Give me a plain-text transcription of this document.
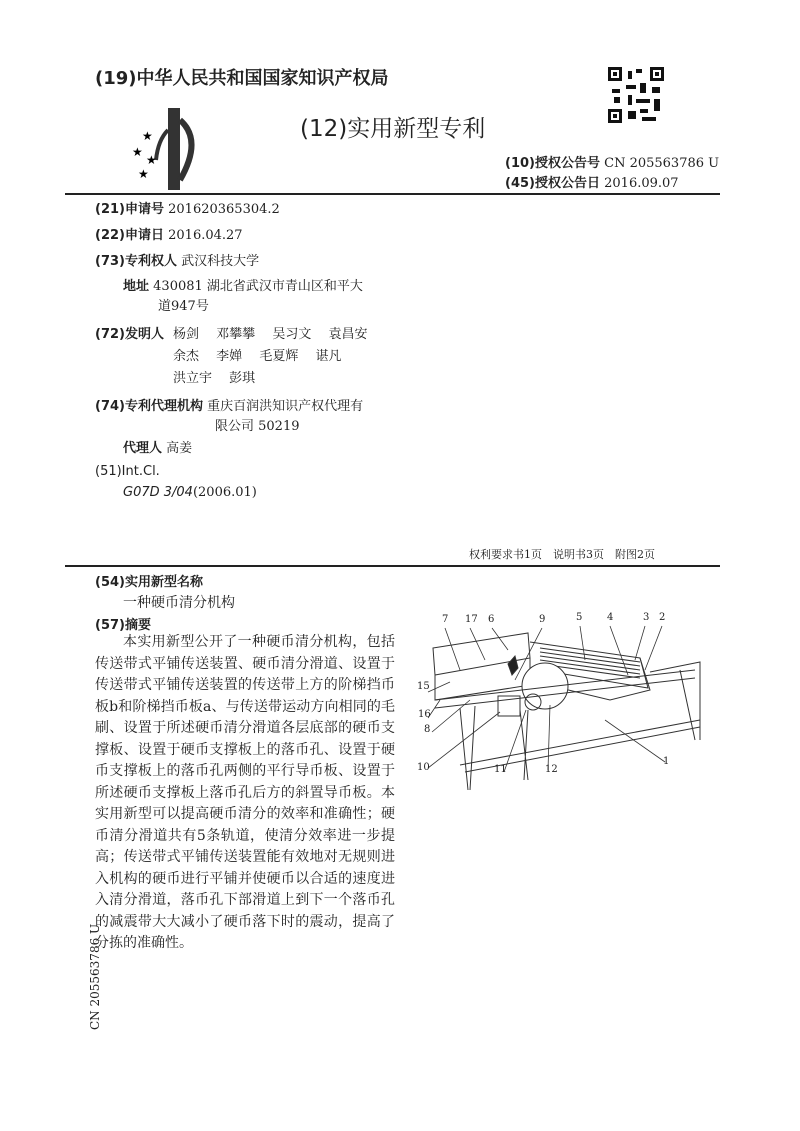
(19)中华人民共和国国家知识产权局
★
★
★
★
(12)实用新型专利
(10)授权公告号 CN 205563786 U
(45)授权公告日 2016.09.07
(21)申请号 201620365304.2
(22)申请日 2016.04.27
(73)专利权人 武汉科技大学
地址 430081 湖北省武汉市青山区和平大
道947号
(72)发明人 杨剑　 邓攀攀　 吴习文　 袁昌安
余杰　 李婵　 毛夏辉　 谌凡
洪立宇　 彭琪
(74)专利代理机构 重庆百润洪知识产权代理有
限公司 50219
代理人 高姜
(51)Int.Cl.
G07D 3/04(2006.01)
权利要求书1页　说明书3页　附图2页
(54)实用新型名称
一种硬币清分机构
(57)摘要
本实用新型公开了一种硬币清分机构，包括传送带式平铺传送装置、硬币清分滑道、设置于传送带式平铺传送装置的传送带上方的阶梯挡币板b和阶梯挡币板a、与传送带运动方向相同的毛刷、设置于所述硬币清分滑道各层底部的硬币支撑板、设置于硬币支撑板上的落币孔、设置于硬币支撑板上的落币孔两侧的平行导币板、设置于所述硬币支撑板上落币孔后方的斜置导币板。本实用新型可以提高硬币清分的效率和准确性；硬币清分滑道共有5条轨道，使清分效率进一步提高；传送带式平铺传送装置能有效地对无规则进入机构的硬币进行平铺并使硬币以合适的速度进入清分滑道，落币孔下部滑道上到下一个落币孔的减震带大大减小了硬币落下时的震动，提高了分拣的准确性。
CN 205563786 U
7 17 6	9	5 4	3 2
15
16
8
10	11	12
1
